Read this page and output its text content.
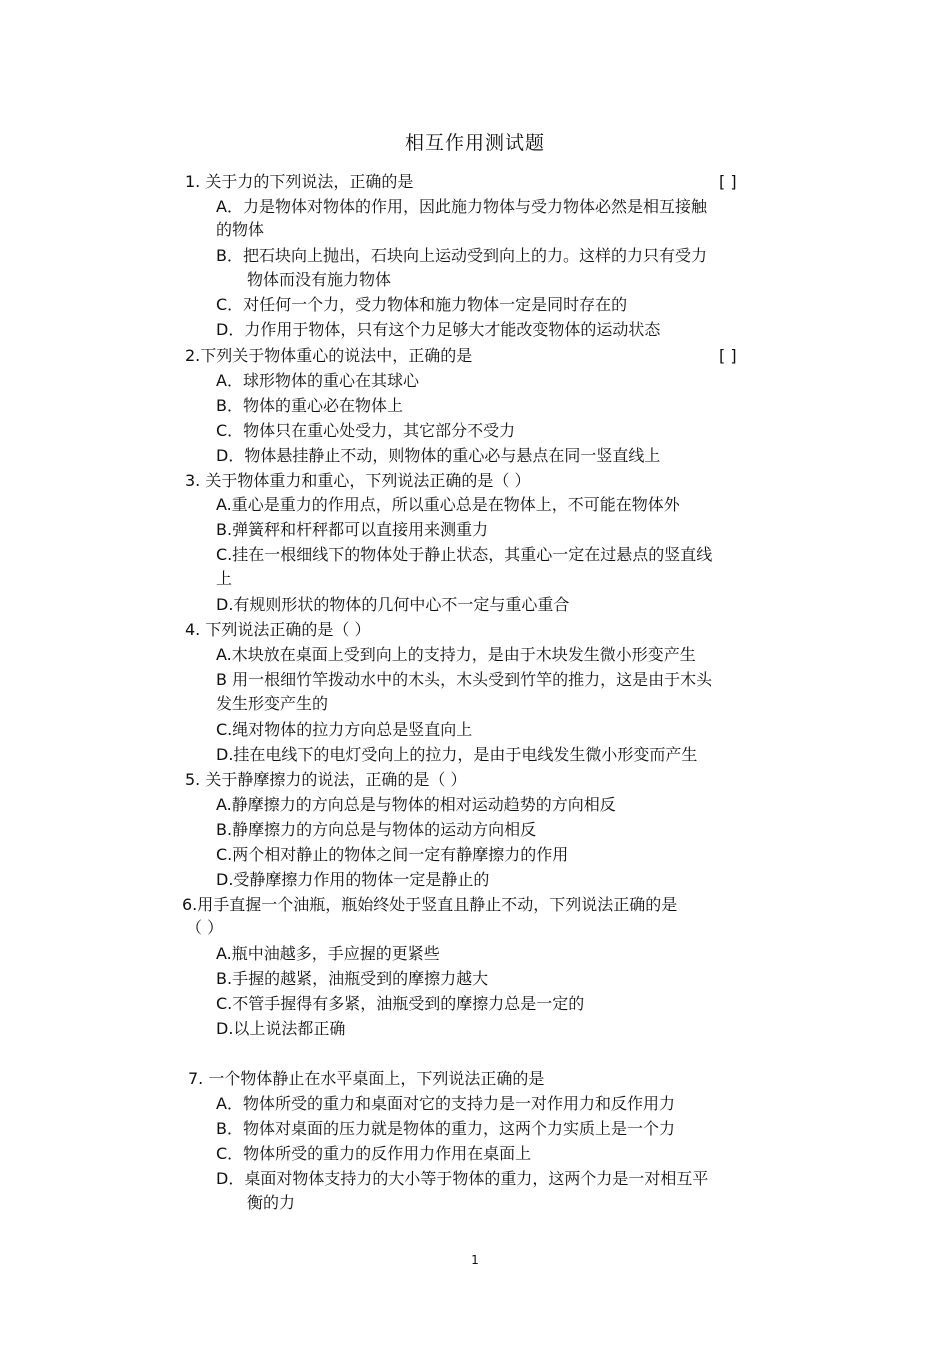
相互作用测试题
1. 关于力的下列说法，正确的是	[ ]
A．力是物体对物体的作用，因此施力物体与受力物体必然是相互接触
的物体
B．把石块向上抛出，石块向上运动受到向上的力。这样的力只有受力
物体而没有施力物体
C．对任何一个力，受力物体和施力物体一定是同时存在的
D．力作用于物体，只有这个力足够大才能改变物体的运动状态
2.下列关于物体重心的说法中，正确的是	[ ]
A．球形物体的重心在其球心
B．物体的重心必在物体上
C．物体只在重心处受力，其它部分不受力
D．物体悬挂静止不动，则物体的重心必与悬点在同一竖直线上
3. 关于物体重力和重心，下列说法正确的是（ ）
A.重心是重力的作用点，所以重心总是在物体上，不可能在物体外
B.弹簧秤和杆秤都可以直接用来测重力
C.挂在一根细线下的物体处于静止状态，其重心一定在过悬点的竖直线
上
D.有规则形状的物体的几何中心不一定与重心重合
4. 下列说法正确的是（ ）
A.木块放在桌面上受到向上的支持力，是由于木块发生微小形变产生
B 用一根细竹竿拨动水中的木头，木头受到竹竿的推力，这是由于木头
发生形变产生的
C.绳对物体的拉力方向总是竖直向上
D.挂在电线下的电灯受向上的拉力，是由于电线发生微小形变而产生
5. 关于静摩擦力的说法，正确的是（ ）
A.静摩擦力的方向总是与物体的相对运动趋势的方向相反
B.静摩擦力的方向总是与物体的运动方向相反
C.两个相对静止的物体之间一定有静摩擦力的作用
D.受静摩擦力作用的物体一定是静止的
6.用手直握一个油瓶，瓶始终处于竖直且静止不动，下列说法正确的是
（ ）
A.瓶中油越多，手应握的更紧些
B.手握的越紧，油瓶受到的摩擦力越大
C.不管手握得有多紧，油瓶受到的摩擦力总是一定的
D.以上说法都正确
7. 一个物体静止在水平桌面上，下列说法正确的是
A．物体所受的重力和桌面对它的支持力是一对作用力和反作用力
B．物体对桌面的压力就是物体的重力，这两个力实质上是一个力
C．物体所受的重力的反作用力作用在桌面上
D．桌面对物体支持力的大小等于物体的重力，这两个力是一对相互平
衡的力
1
